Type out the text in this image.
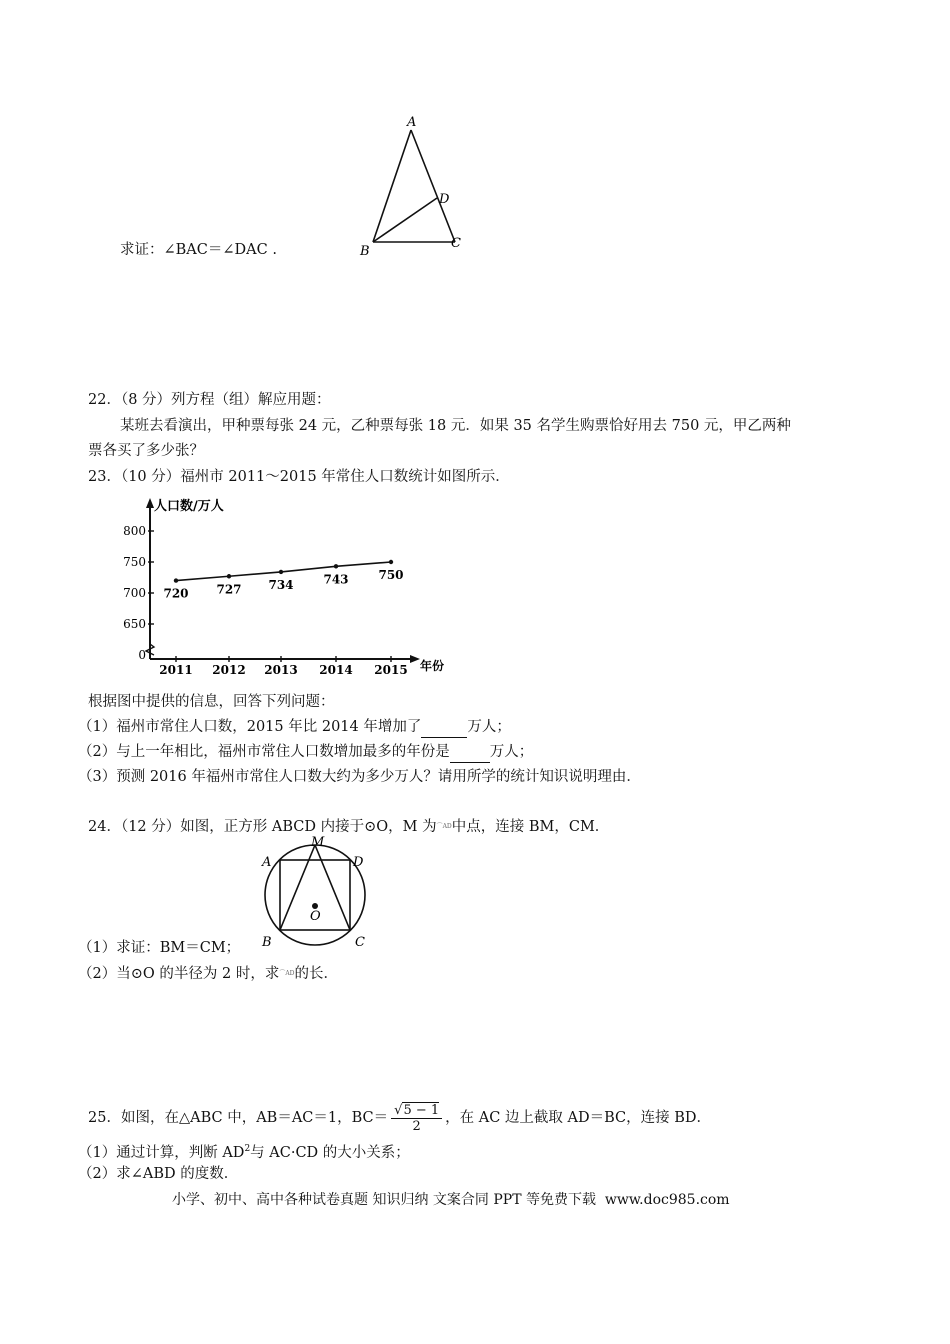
求证：∠BAC＝∠DAC .
A
B
C
D
22．（8 分）列方程（组）解应用题：
某班去看演出，甲种票每张 24 元，乙种票每张 18 元．如果 35 名学生购票恰好用去 750 元，甲乙两种
票各买了多少张？
23．（10 分）福州市 2011～2015 年常住人口数统计如图所示．
人口数/万人
年份
0
650
700
750
800
2011 2012 2013 2014 2015
720 727 734 743 750
根据图中提供的信息，回答下列问题：
（1）福州市常住人口数，2015 年比 2014 年增加了	万人；
（2）与上一年相比，福州市常住人口数增加最多的年份是	万人；
（3）预测 2016 年福州市常住人口数大约为多少万人？请用所学的统计知识说明理由．
24．（12 分）如图，正方形 ABCD 内接于⊙O，M 为⌒AD中点，连接 BM，CM．
M
A	D
B	C
O
（1）求证：BM＝CM；
（2）当⊙O 的半径为 2 时，求⌒AD的长．
25．如图，在△ABC 中，AB＝AC＝1，$BC= \frac{√5 - 1}{2}$ ，在 AC 边上截取 AD＝BC，连接 BD．
（1）通过计算，判断 $AD^2$与 AC·CD 的大小关系；
（2）求∠ABD 的度数．
小学、初中、高中各种试卷真题 知识归纳 文案合同 PPT 等免费下载 www.doc985.com
